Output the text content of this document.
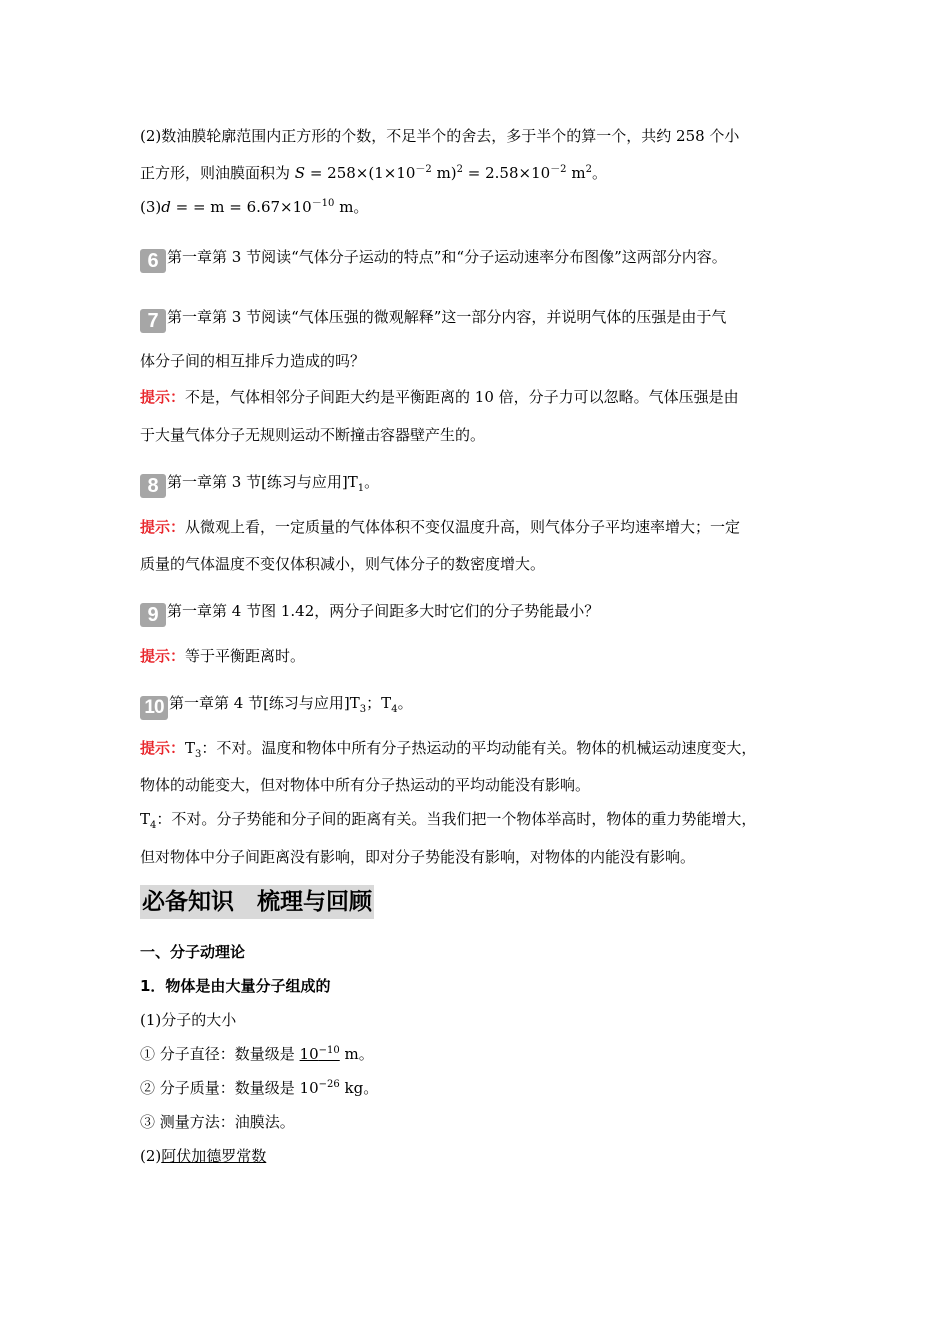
(2)数油膜轮廓范围内正方形的个数，不足半个的舍去，多于半个的算一个，共约 258 个小
正方形，则油膜面积为 $S = 258\times(1\times 10^{-2}$ $m)^2 = 2.58\times 10^{-2}$ $m^2$。
(3)d = = $m = 6.67\times 10^{-10}$ m。
6 第一章第 3 节阅读“气体分子运动的特点”和“分子运动速率分布图像”这两部分内容。
7 第一章第 3 节阅读“气体压强的微观解释”这一部分内容，并说明气体的压强是由于气
体分子间的相互排斥力造成的吗？
提示：不是，气体相邻分子间距大约是平衡距离的 10 倍，分子力可以忽略。气体压强是由
于大量气体分子无规则运动不断撞击容器壁产生的。
8 第一章第 3 节[练习与应用]$T_1$。
提示：从微观上看，一定质量的气体体积不变仅温度升高，则气体分子平均速率增大；一定
质量的气体温度不变仅体积减小，则气体分子的数密度增大。
9 第一章第 4 节图 1.42，两分子间距多大时它们的分子势能最小？
提示：等于平衡距离时。
10 第一章第 4 节[练习与应用]$T_3$；$T_4$。
提示：$T_3$：不对。温度和物体中所有分子热运动的平均动能有关。物体的机械运动速度变大，
物体的动能变大，但对物体中所有分子热运动的平均动能没有影响。
$T_4$：不对。分子势能和分子间的距离有关。当我们把一个物体举高时，物体的重力势能增大，
但对物体中分子间距离没有影响，即对分子势能没有影响，对物体的内能没有影响。
必备知识　梳理与回顾
一、分子动理论
1．物体是由大量分子组成的
(1)分子的大小
① 分子直径：数量级是 $10^{-10}$ m。
② 分子质量：数量级是 $10^{-26}$ kg。
③ 测量方法：油膜法。
(2)阿伏加德罗常数
